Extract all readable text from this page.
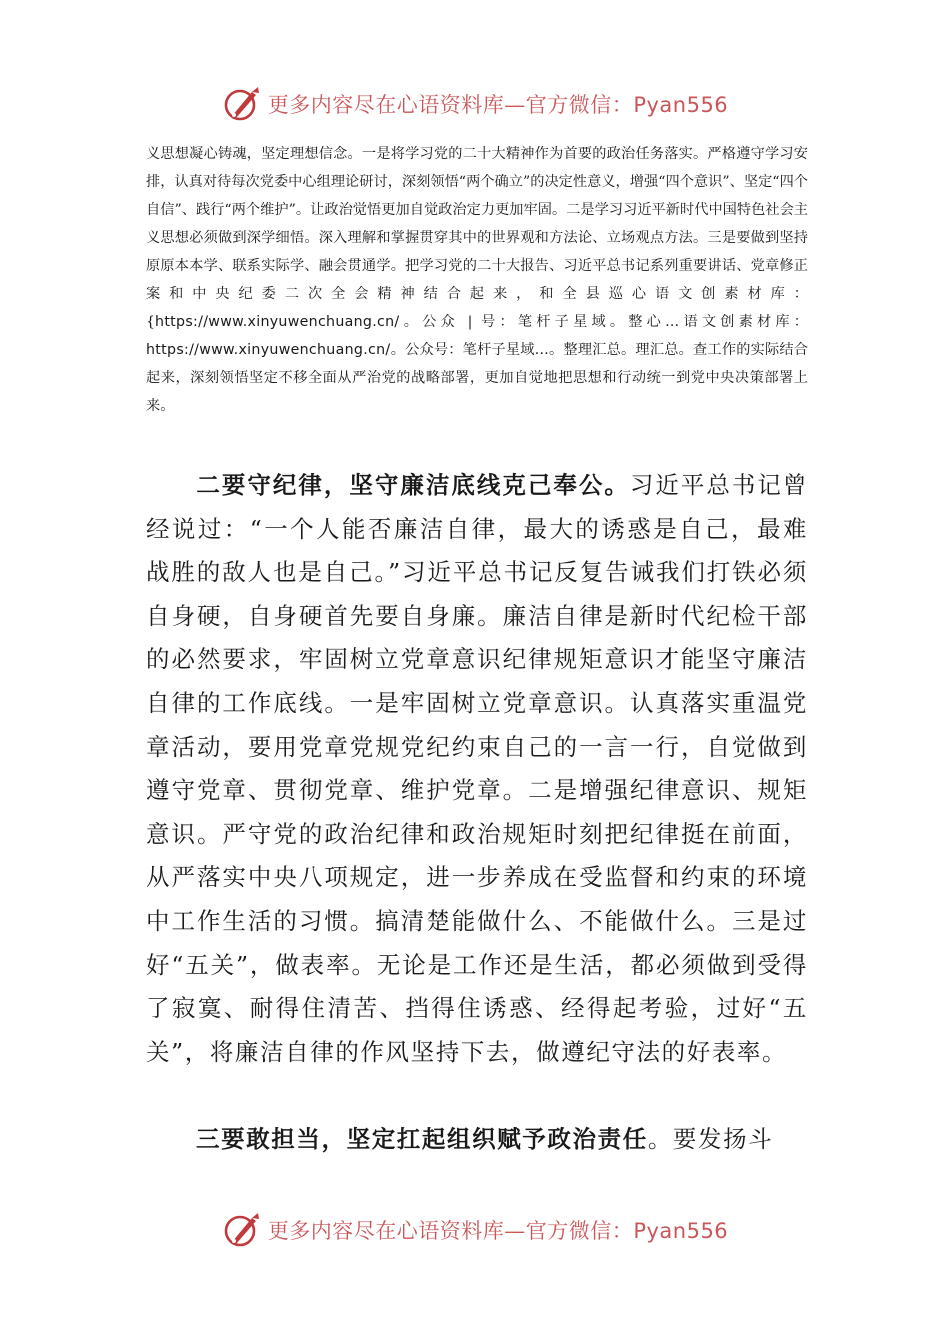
更多内容尽在心语资料库—官方微信：Pyan556

义思想凝心铸魂，坚定理想信念。一是将学习党的二十大精神作为首要的政治任务落实。严格遵守学习安排，认真对待每次党委中心组理论研讨，深刻领悟“两个确立”的决定性意义，增强“四个意识”、坚定“四个自信”、践行“两个维护”。让政治觉悟更加自觉政治定力更加牢固。二是学习习近平新时代中国特色社会主义思想必须做到深学细悟。深入理解和掌握贯穿其中的世界观和方法论、立场观点方法。三是要做到坚持原原本本学、联系实际学、融会贯通学。把学习党的二十大报告、习近平总书记系列重要讲话、党章修正案和中央纪委二次全会精神结合起来，和全县巡心语文创素材库：{https://www.xinyuwenchuang.cn/。公众 | 号：笔杆子星域。整心…语文创素材库：https://www.xinyuwenchuang.cn/。公众号：笔杆子星域…。整理汇总。理汇总。查工作的实际结合起来，深刻领悟坚定不移全面从严治党的战略部署，更加自觉地把思想和行动统一到党中央决策部署上来。

二要守纪律，坚守廉洁底线克己奉公。习近平总书记曾经说过：“一个人能否廉洁自律，最大的诱惑是自己，最难战胜的敌人也是自己。”习近平总书记反复告诫我们打铁必须自身硬，自身硬首先要自身廉。廉洁自律是新时代纪检干部的必然要求，牢固树立党章意识纪律规矩意识才能坚守廉洁自律的工作底线。一是牢固树立党章意识。认真落实重温党章活动，要用党章党规党纪约束自己的一言一行，自觉做到遵守党章、贯彻党章、维护党章。二是增强纪律意识、规矩意识。严守党的政治纪律和政治规矩时刻把纪律挺在前面，从严落实中央八项规定，进一步养成在受监督和约束的环境中工作生活的习惯。搞清楚能做什么、不能做什么。三是过好“五关”，做表率。无论是工作还是生活，都必须做到受得了寂寞、耐得住清苦、挡得住诱惑、经得起考验，过好“五关”，将廉洁自律的作风坚持下去，做遵纪守法的好表率。

三要敢担当，坚定扛起组织赋予政治责任。要发扬斗

更多内容尽在心语资料库—官方微信：Pyan556
